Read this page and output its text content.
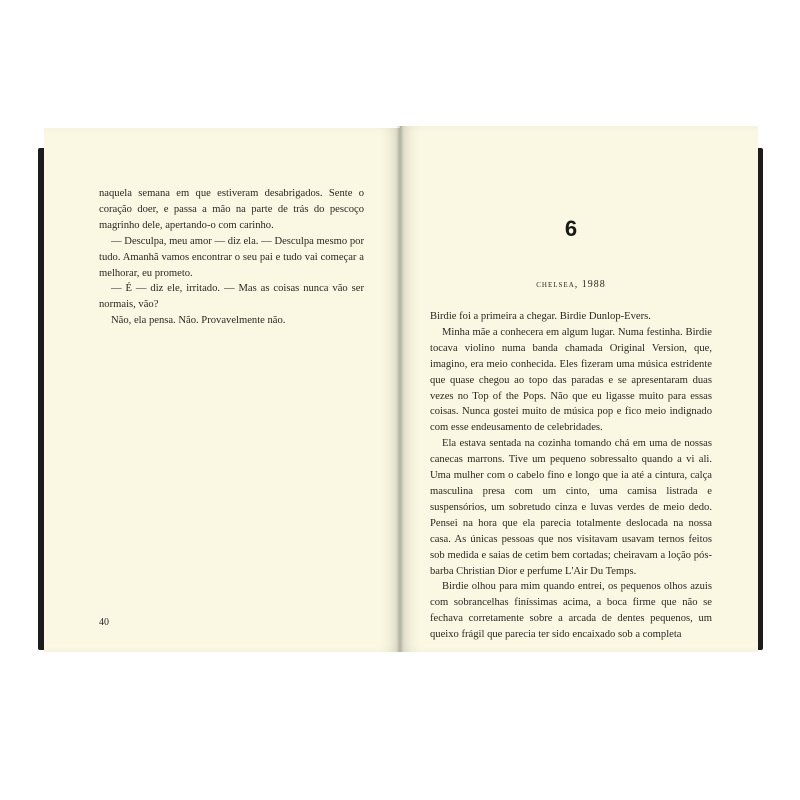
naquela semana em que estiveram desabrigados. Sente o coração doer, e passa a mão na parte de trás do pescoço magrinho dele, apertando-o com carinho.

— Desculpa, meu amor — diz ela. — Desculpa mesmo por tudo. Amanhã vamos encontrar o seu pai e tudo vai começar a melhorar, eu prometo.

— É — diz ele, irritado. — Mas as coisas nunca vão ser normais, vão?

Não, ela pensa. Não. Provavelmente não.

40
6
chelsea, 1988

Birdie foi a primeira a chegar. Birdie Dunlop-Evers.

Minha mãe a conhecera em algum lugar. Numa festinha. Birdie tocava violino numa banda chamada Original Version, que, imagino, era meio conhecida. Eles fizeram uma música estridente que quase chegou ao topo das paradas e se apresentaram duas vezes no Top of the Pops. Não que eu ligasse muito para essas coisas. Nunca gostei muito de música pop e fico meio indignado com esse endeusamento de celebridades.

Ela estava sentada na cozinha tomando chá em uma de nossas canecas marrons. Tive um pequeno sobressalto quando a vi ali. Uma mulher com o cabelo fino e longo que ia até a cintura, calça masculina presa com um cinto, uma camisa listrada e suspensórios, um sobretudo cinza e luvas verdes de meio dedo. Pensei na hora que ela parecia totalmente deslocada na nossa casa. As únicas pessoas que nos visitavam usavam ternos feitos sob medida e saias de cetim bem cortadas; cheiravam a loção pós-barba Christian Dior e perfume L'Air Du Temps.

Birdie olhou para mim quando entrei, os pequenos olhos azuis com sobrancelhas finíssimas acima, a boca firme que não se fechava corretamente sobre a arcada de dentes pequenos, um queixo frágil que parecia ter sido encaixado sob a completa
